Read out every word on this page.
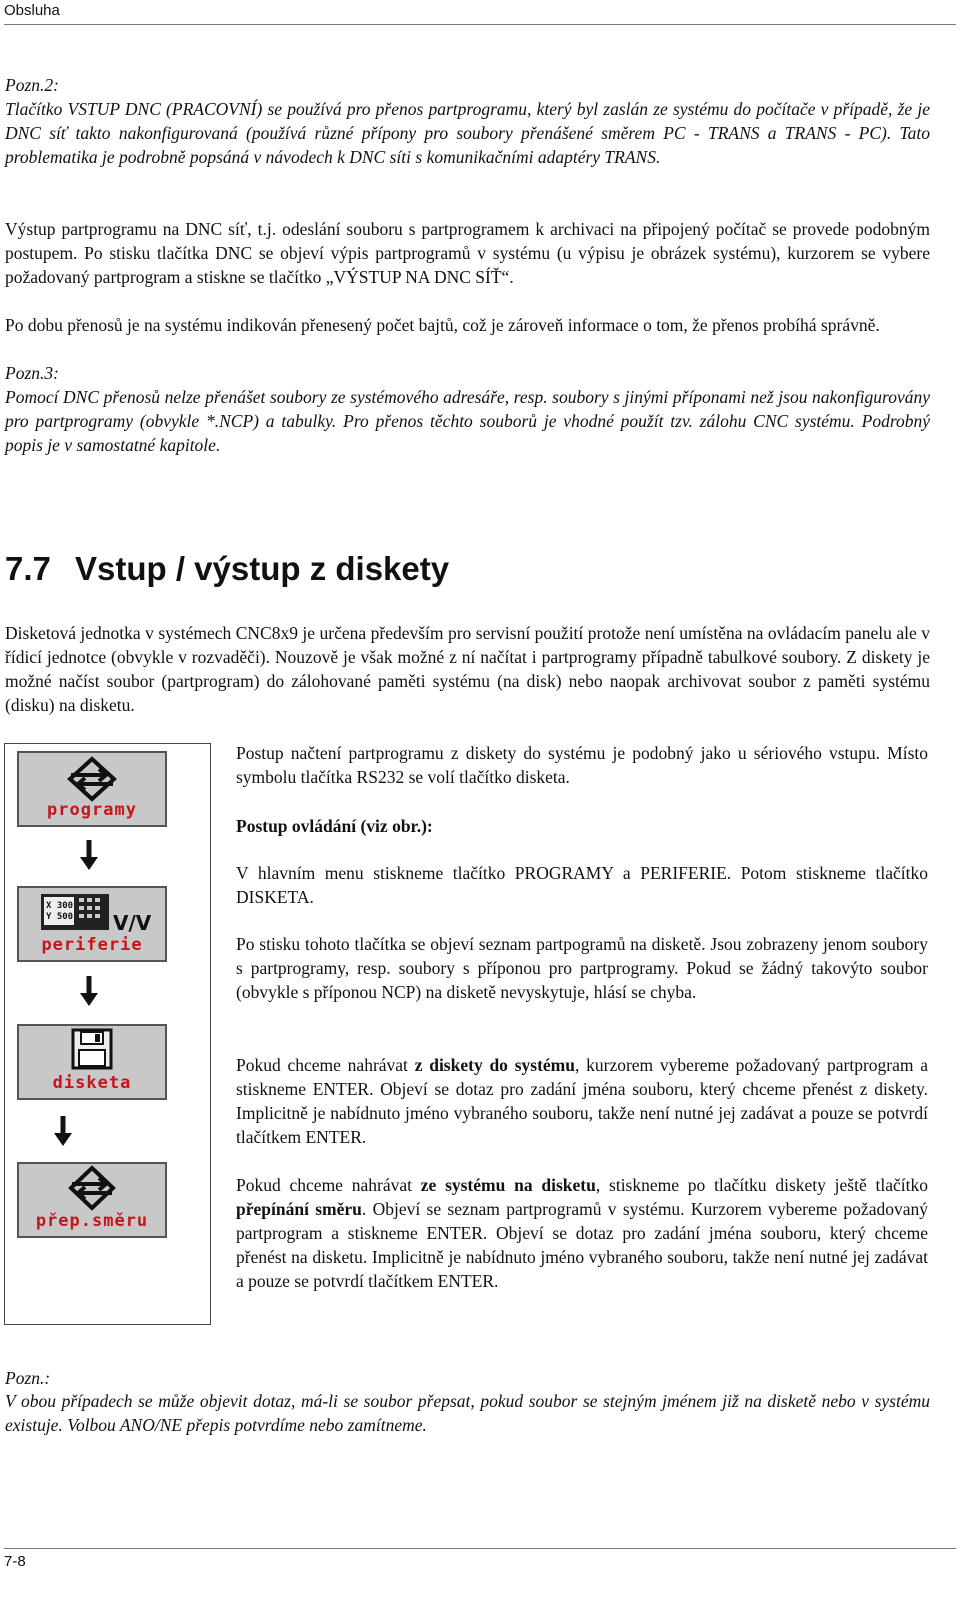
Obsluha
Pozn.2:
Tlačítko VSTUP DNC (PRACOVNÍ) se používá pro přenos partprogramu, který byl zaslán ze systému do počítače v případě, že je DNC síť takto nakonfigurovaná (používá různé přípony pro soubory přenášené směrem PC - TRANS a TRANS - PC). Tato problematika je podrobně popsáná v návodech k DNC síti s komunikačními adaptéry TRANS.
Výstup partprogramu na DNC síť, t.j. odeslání souboru s partprogramem k archivaci na připojený počítač se provede podobným postupem. Po stisku tlačítka DNC se objeví výpis partprogramů v systému (u výpisu je obrázek systému), kurzorem se vybere požadovaný partprogram a stiskne se tlačítko „VÝSTUP NA DNC SÍŤ“.
Po dobu přenosů je na systému indikován přenesený počet bajtů, což je zároveň informace o tom, že přenos probíhá správně.
Pozn.3:
Pomocí DNC přenosů nelze přenášet soubory ze systémového adresáře, resp. soubory s jinými příponami než jsou nakonfigurovány pro partprogramy (obvykle *.NCP) a tabulky. Pro přenos těchto souborů je vhodné použít tzv. zálohu CNC systému. Podrobný popis je v samostatné kapitole.
7.7 Vstup / výstup z diskety
Disketová jednotka v systémech CNC8x9 je určena především pro servisní použití protože není umístěna na ovládacím panelu ale v řídicí jednotce (obvykle v rozvaděči). Nouzově je však možné z ní načítat i partprogramy případně tabulkové soubory. Z diskety je možné načíst soubor (partprogram) do zálohované paměti systému (na disk) nebo naopak archivovat soubor z paměti systému (disku) na disketu.
programy
X 300
Y 500 V/V
periferie
disketa
přep.směru
Postup načtení partprogramu z diskety do systému je podobný jako u sériového vstupu. Místo symbolu tlačítka RS232 se volí tlačítko disketa.
Postup ovládání (viz obr.):
V hlavním menu stiskneme tlačítko PROGRAMY a PERIFERIE. Potom stiskneme tlačítko DISKETA.
Po stisku tohoto tlačítka se objeví seznam partpogramů na disketě. Jsou zobrazeny jenom soubory s partprogramy, resp. soubory s příponou pro partprogramy. Pokud se žádný takovýto soubor (obvykle s příponou NCP) na disketě nevyskytuje, hlásí se chyba.
Pokud chceme nahrávat z diskety do systému, kurzorem vybereme požadovaný partprogram a stiskneme ENTER. Objeví se dotaz pro zadání jména souboru, který chceme přenést z diskety. Implicitně je nabídnuto jméno vybraného souboru, takže není nutné jej zadávat a pouze se potvrdí tlačítkem ENTER.
Pokud chceme nahrávat ze systému na disketu, stiskneme po tlačítku diskety ještě tlačítko přepínání směru. Objeví se seznam partprogramů v systému. Kurzorem vybereme požadovaný partprogram a stiskneme ENTER. Objeví se dotaz pro zadání jména souboru, který chceme přenést na disketu. Implicitně je nabídnuto jméno vybraného souboru, takže není nutné jej zadávat a pouze se potvrdí tlačítkem ENTER.
Pozn.:
V obou případech se může objevit dotaz, má-li se soubor přepsat, pokud soubor se stejným jménem již na disketě nebo v systému existuje. Volbou ANO/NE přepis potvrdíme nebo zamítneme.
7-8
